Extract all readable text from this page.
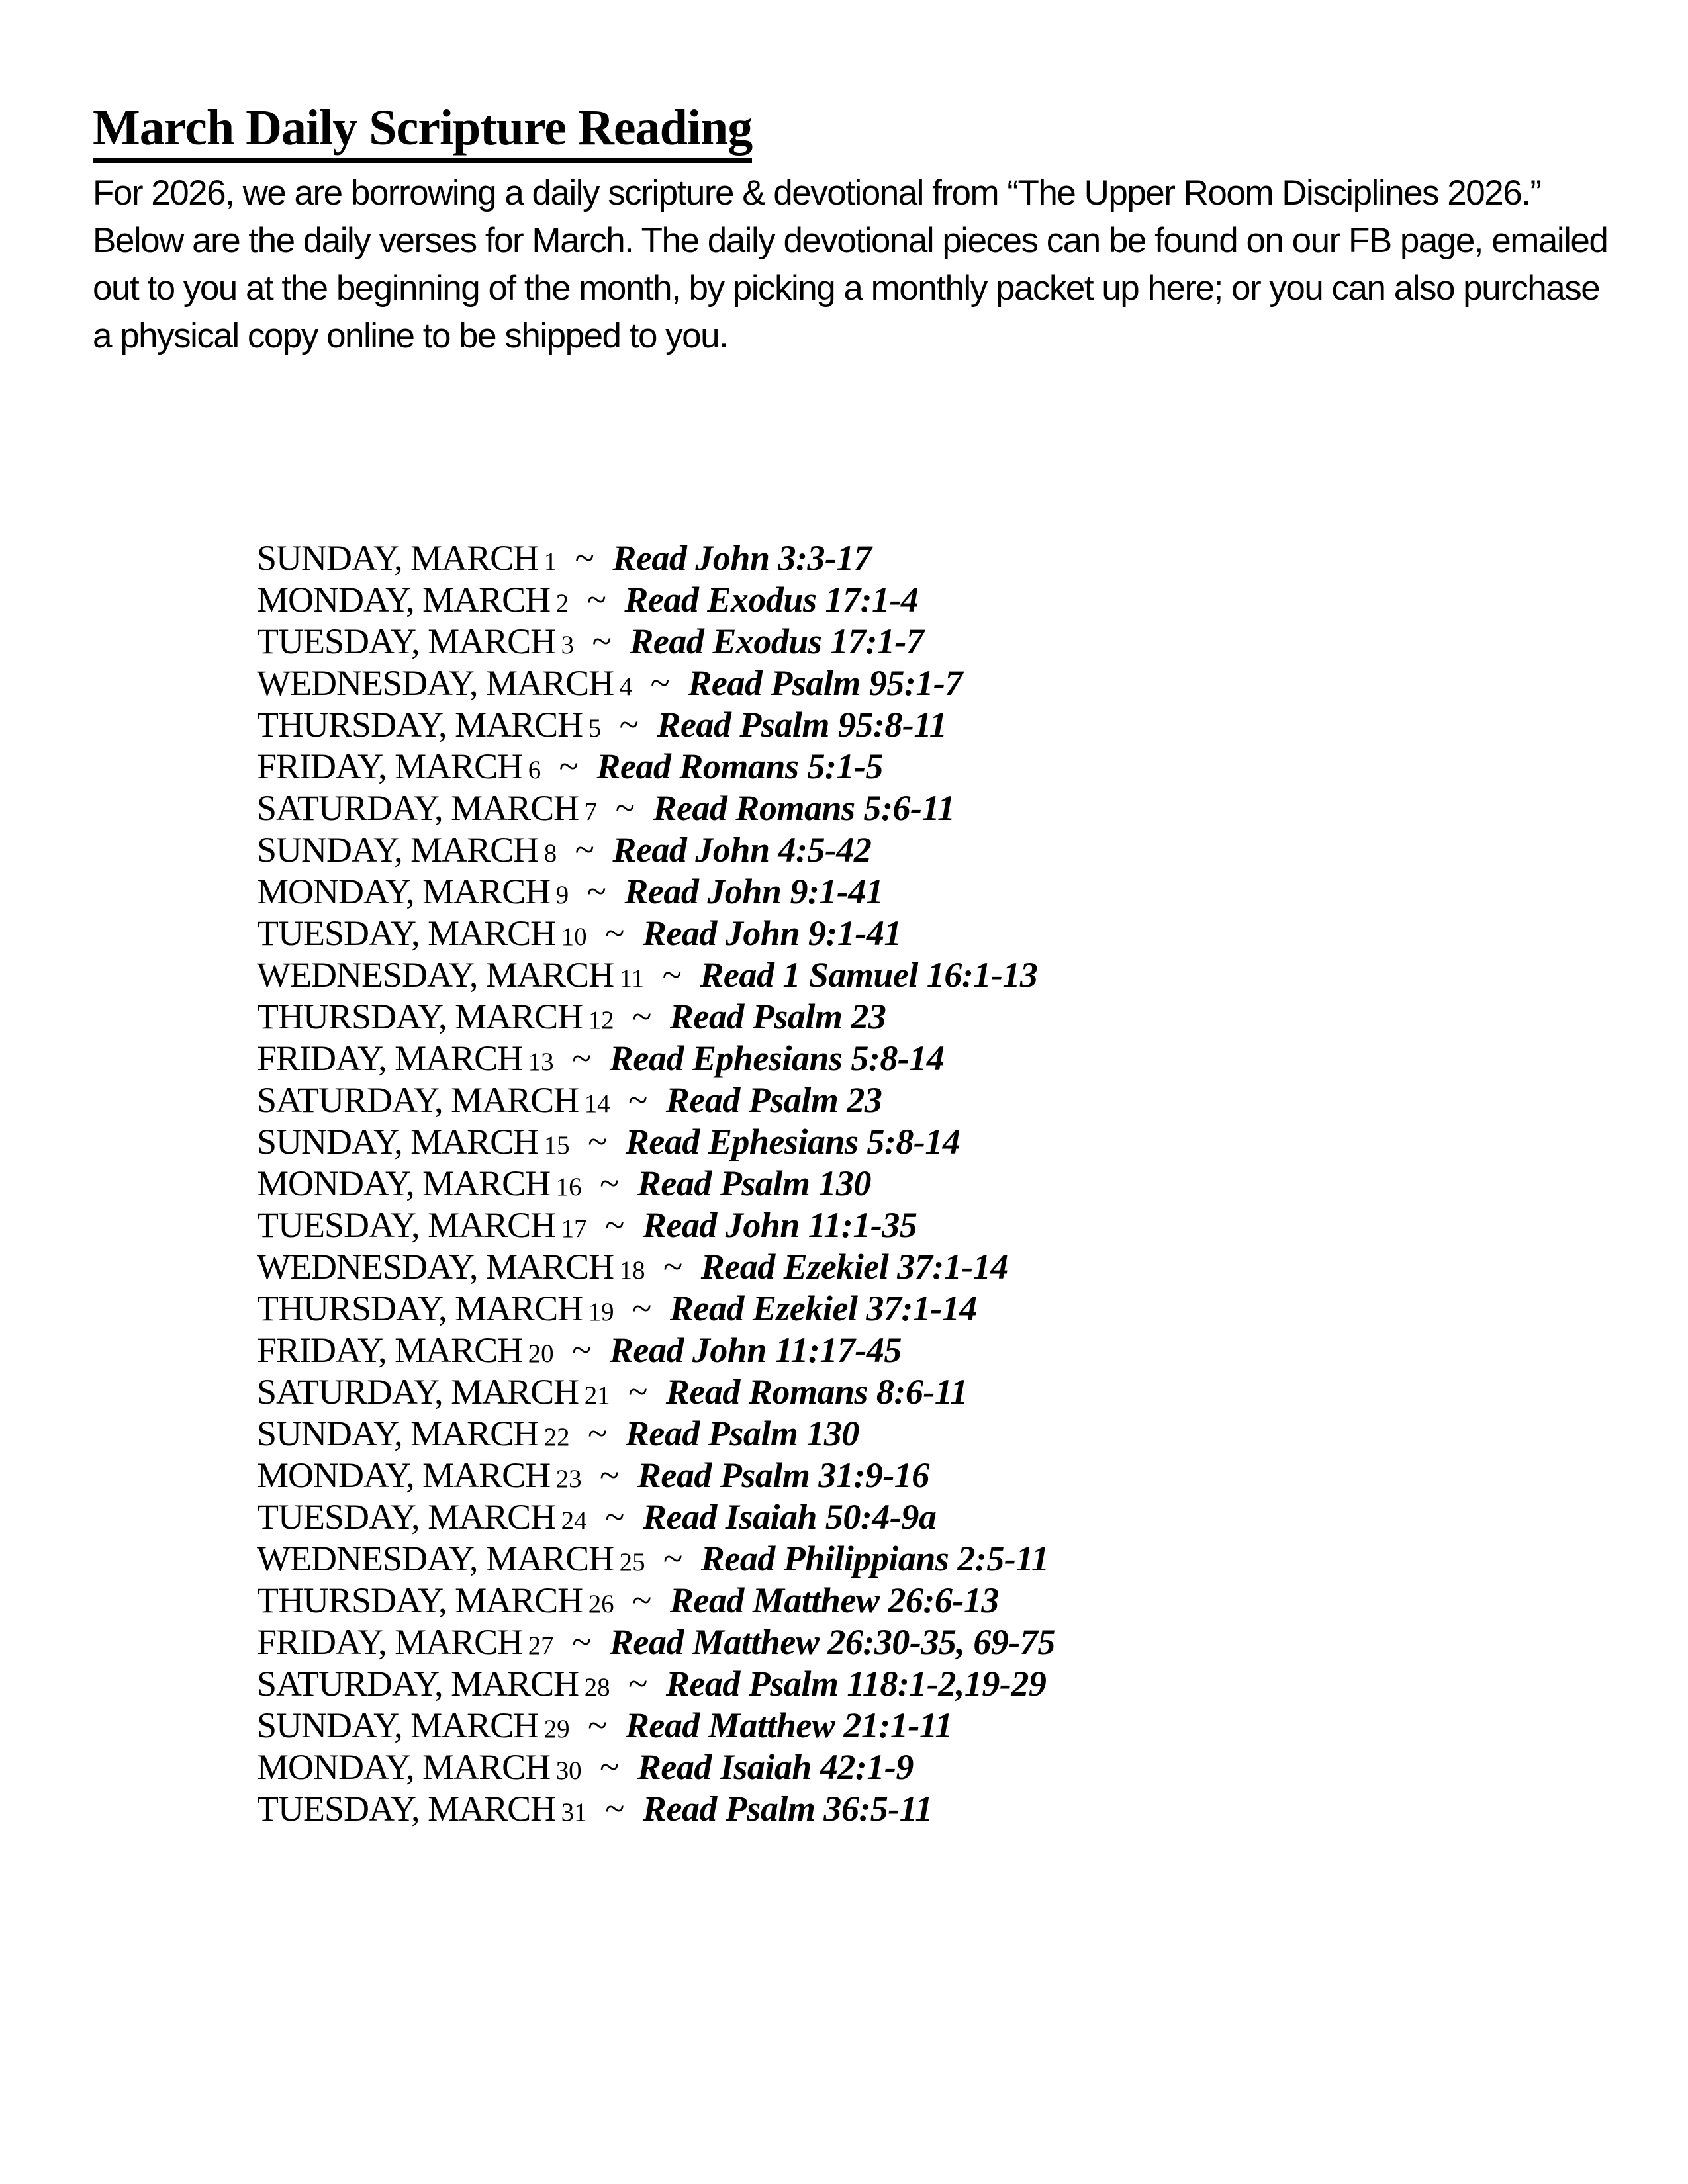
March Daily Scripture Reading

For 2026, we are borrowing a daily scripture & devotional from “The Upper Room Disciplines 2026.” Below are the daily verses for March. The daily devotional pieces can be found on our FB page, emailed out to you at the beginning of the month, by picking a monthly packet up here; or you can also purchase a physical copy online to be shipped to you.

SUNDAY, MARCH 1 ~ Read John 3:3-17
MONDAY, MARCH 2 ~ Read Exodus 17:1-4
TUESDAY, MARCH 3 ~ Read Exodus 17:1-7
WEDNESDAY, MARCH 4 ~ Read Psalm 95:1-7
THURSDAY, MARCH 5 ~ Read Psalm 95:8-11
FRIDAY, MARCH 6 ~ Read Romans 5:1-5
SATURDAY, MARCH 7 ~ Read Romans 5:6-11
SUNDAY, MARCH 8 ~ Read John 4:5-42
MONDAY, MARCH 9 ~ Read John 9:1-41
TUESDAY, MARCH 10 ~ Read John 9:1-41
WEDNESDAY, MARCH 11 ~ Read 1 Samuel 16:1-13
THURSDAY, MARCH 12 ~ Read Psalm 23
FRIDAY, MARCH 13 ~ Read Ephesians 5:8-14
SATURDAY, MARCH 14 ~ Read Psalm 23
SUNDAY, MARCH 15 ~ Read Ephesians 5:8-14
MONDAY, MARCH 16 ~ Read Psalm 130
TUESDAY, MARCH 17 ~ Read John 11:1-35
WEDNESDAY, MARCH 18 ~ Read Ezekiel 37:1-14
THURSDAY, MARCH 19 ~ Read Ezekiel 37:1-14
FRIDAY, MARCH 20 ~ Read John 11:17-45
SATURDAY, MARCH 21 ~ Read Romans 8:6-11
SUNDAY, MARCH 22 ~ Read Psalm 130
MONDAY, MARCH 23 ~ Read Psalm 31:9-16
TUESDAY, MARCH 24 ~ Read Isaiah 50:4-9a
WEDNESDAY, MARCH 25 ~ Read Philippians 2:5-11
THURSDAY, MARCH 26 ~ Read Matthew 26:6-13
FRIDAY, MARCH 27 ~ Read Matthew 26:30-35, 69-75
SATURDAY, MARCH 28 ~ Read Psalm 118:1-2,19-29
SUNDAY, MARCH 29 ~ Read Matthew 21:1-11
MONDAY, MARCH 30 ~ Read Isaiah 42:1-9
TUESDAY, MARCH 31 ~ Read Psalm 36:5-11
